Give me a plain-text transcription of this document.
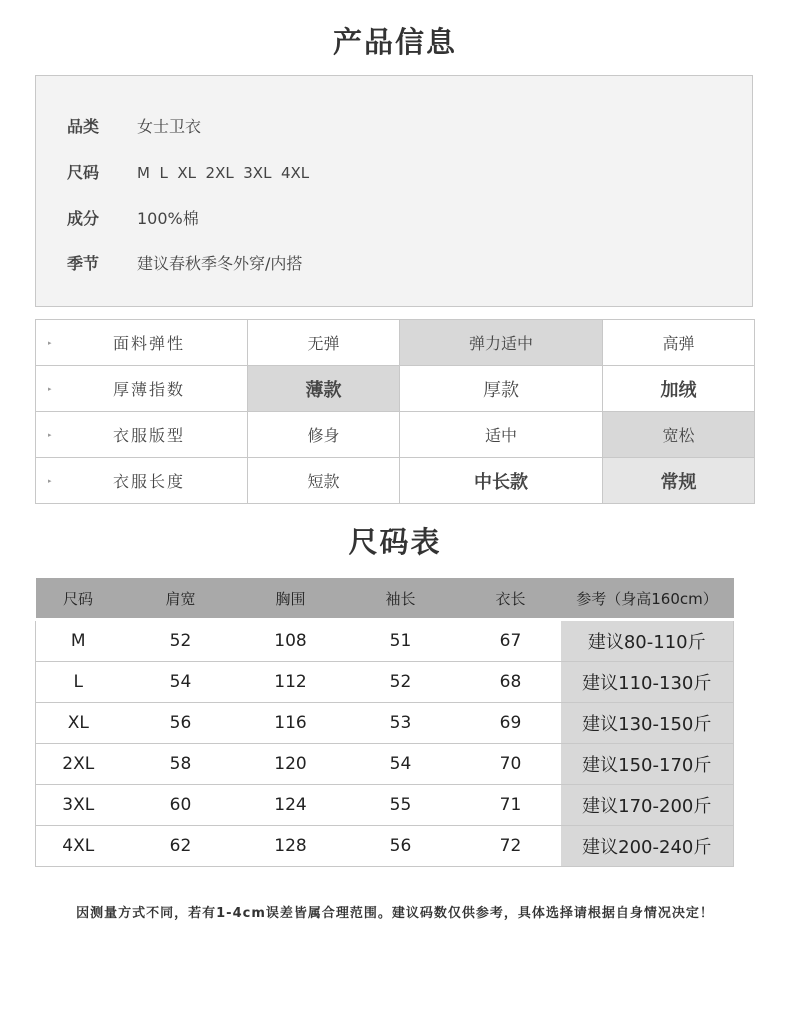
产品信息
品类 女士卫衣
尺码	M  L  XL  2XL  3XL  4XL
成分 100%棉
季节 建议春秋季冬外穿/内搭
▸ 面料弹性	无弹	弹力适中	高弹

▸ 厚薄指数	薄款	厚款	加绒

▸ 衣服版型	修身	适中	宽松

▸ 衣服长度	短款	中长款	常规
尺码表
尺码	肩宽	胸围	袖长	衣长	参考（身高160cm）
M	52	108	51	67	建议80-110斤
L	54	112	52	68	建议110-130斤
XL	56	116	53	69	建议130-150斤
2XL	58	120	54	70	建议150-170斤
3XL	60	124	55	71	建议170-200斤
4XL	62	128	56	72	建议200-240斤
因测量方式不同，若有1-4cm误差皆属合理范围。建议码数仅供参考，具体选择请根据自身情况决定！
